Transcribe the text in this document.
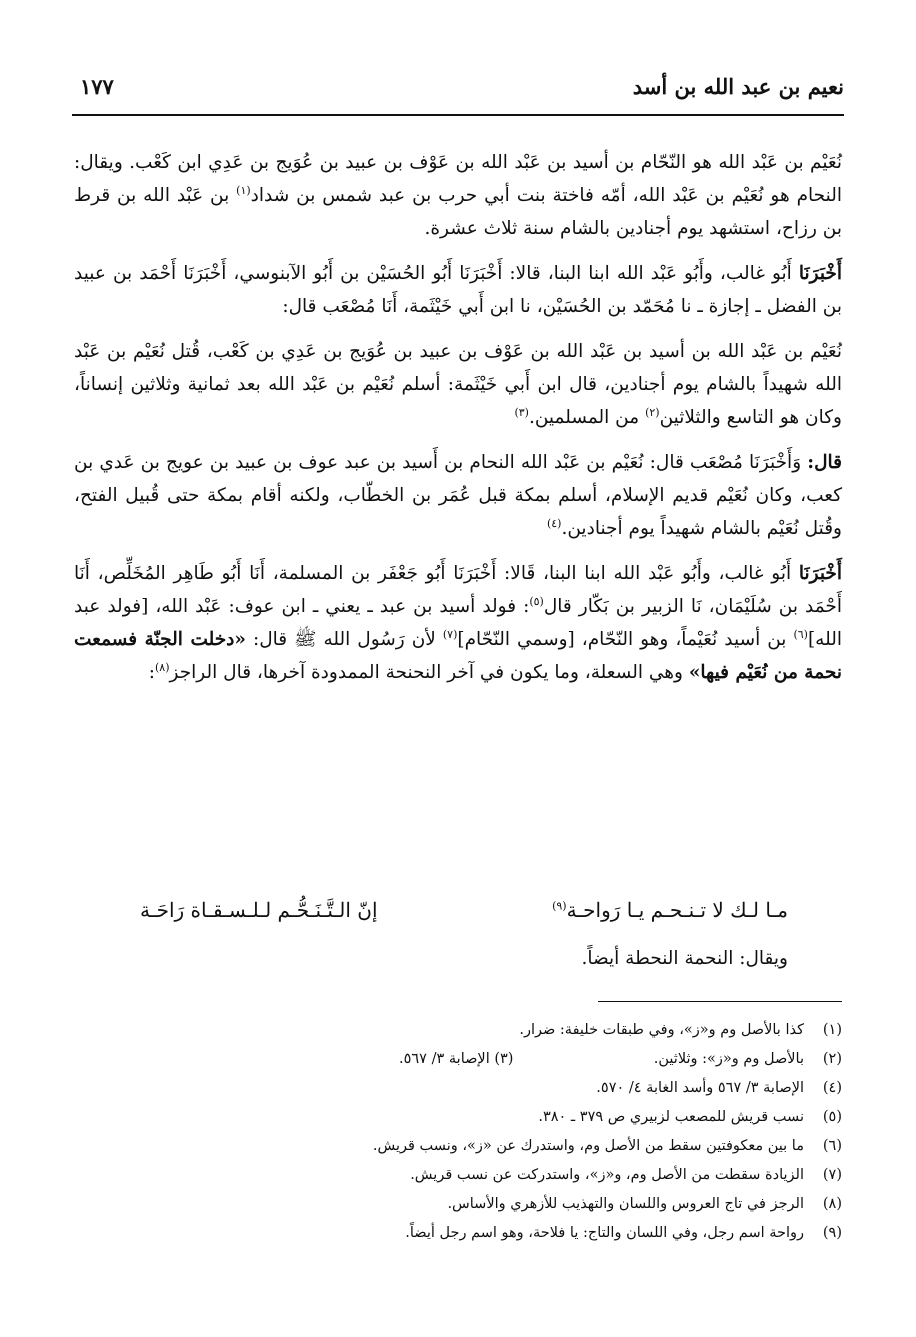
نعيم بن عبد الله بن أسد
١٧٧

نُعَيْم بن عَبْد الله هو النّحّام بن أسيد بن عَبْد الله بن عَوْف بن عبيد بن عُوَيج بن عَدِي ابن كَعْب. ويقال: النحام هو نُعَيْم بن عَبْد الله، أمّه فاختة بنت أبي حرب بن عبد شمس بن شداد$^{(١)}$ بن عَبْد الله بن قرط بن رزاح، استشهد يوم أجنادين بالشام سنة ثلاث عشرة.

أَخْبَرَنَا أَبُو غالب، وأَبُو عَبْد الله ابنا البنا، قالا: أَخْبَرَنَا أَبُو الحُسَيْن بن أَبُو الآبنوسي، أَخْبَرَنَا أَحْمَد بن عبيد بن الفضل ـ إجازة ـ نا مُحَمّد بن الحُسَيْن، نا ابن أَبي خَيْثَمة، أَنَا مُصْعَب قال:

نُعَيْم بن عَبْد الله بن أسيد بن عَبْد الله بن عَوْف بن عبيد بن عُوَيج بن عَدِي بن كَعْب، قُتل نُعَيْم بن عَبْد الله شهيداً بالشام يوم أجنادين، قال ابن أَبي خَيْثَمة: أسلم نُعَيْم بن عَبْد الله بعد ثمانية وثلاثين إنساناً، وكان هو التاسع والثلاثين$^{(٢)}$ من المسلمين.$^{(٣)}$

قال: وَأَخْبَرَنَا مُصْعَب قال: نُعَيْم بن عَبْد الله النحام بن أَسيد بن عبد عوف بن عبيد بن عويج بن عَدي بن كعب، وكان نُعَيْم قديم الإسلام، أسلم بمكة قبل عُمَر بن الخطّاب، ولكنه أقام بمكة حتى قُبيل الفتح، وقُتل نُعَيْم بالشام شهيداً يوم أجنادين.$^{(٤)}$

أَخْبَرَنَا أَبُو غالب، وأَبُو عَبْد الله ابنا البنا، قَالا: أَخْبَرَنَا أَبُو جَعْفَر بن المسلمة، أَنَا أَبُو طَاهِر المُخَلِّص، أَنَا أَحْمَد بن سُلَيْمَان، نَا الزبير بن بَكّار قال$^{(٥)}$: فولد أسيد بن عبد ـ يعني ـ ابن عوف: عَبْد الله، [فولد عبد الله]$^{(٦)}$ بن أسيد نُعَيْماً، وهو النّحّام، [وسمي النّحّام]$^{(٧)}$ لأن رَسُول الله ﷺ قال: «دخلت الجنّة فسمعت نحمة من نُعَيْم فيها» وهي السعلة، وما يكون في آخر النحنحة الممدودة آخرها، قال الراجز$^{(٨)}$:

مـا لـك لا تـنـحـم يـا رَواحـة$^{(٩)}$
إنّ الـتَّـنَـحُّـم لـلـسـقـاة رَاحَـة
ويقال: النحمة النحطة أيضاً.
(١)كذا بالأصل وم و«ز»، وفي طبقات خليفة: ضرار.
(٢)بالأصل وم و«ز»: وثلاثين.
(٣) الإصابة ٣/ ٥٦٧.
(٤)الإصابة ٣/ ٥٦٧ وأسد الغابة ٤/ ٥٧٠.
(٥)نسب قريش للمصعب لزبيري ص ٣٧٩ ـ ٣٨٠.
(٦)ما بين معكوفتين سقط من الأصل وم، واستدرك عن «ز»، ونسب قريش.
(٧)الزيادة سقطت من الأصل وم، و«ز»، واستدركت عن نسب قريش.
(٨)الرجز في تاج العروس واللسان والتهذيب للأزهري والأساس.
(٩)رواحة اسم رجل، وفي اللسان والتاج: يا فلاحة، وهو اسم رجل أيضاً.
